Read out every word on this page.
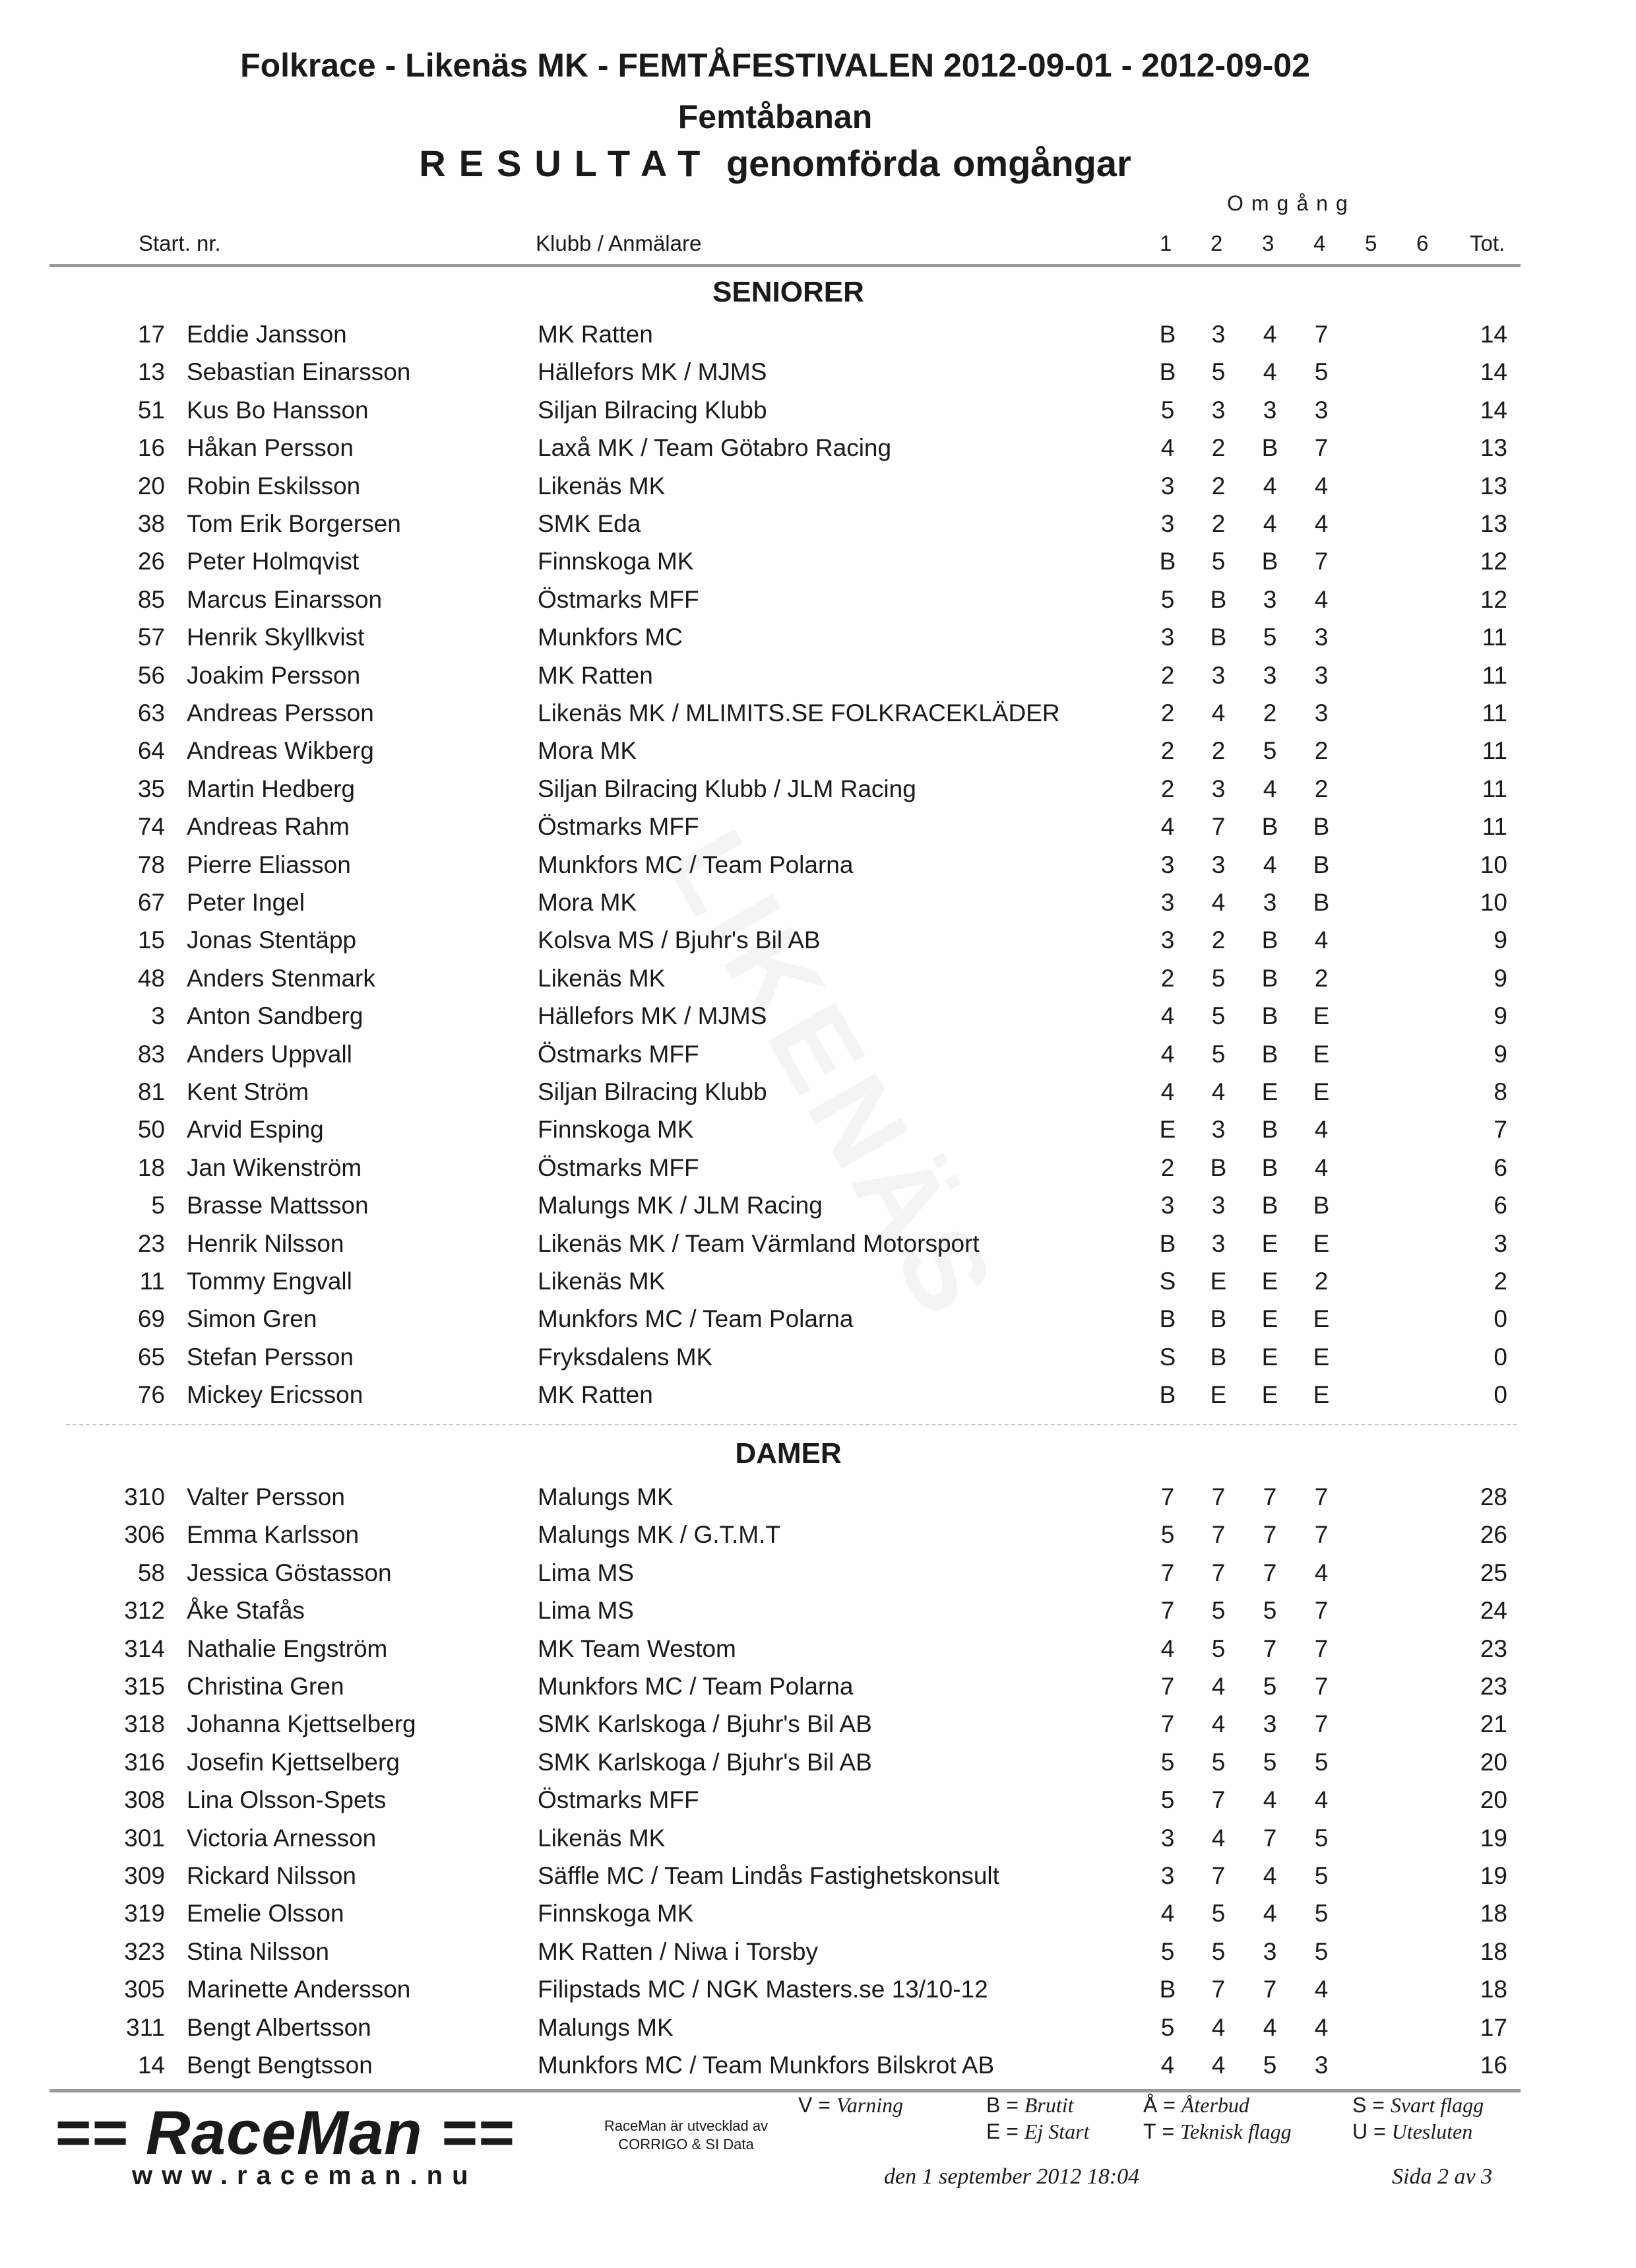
Folkrace - Likenäs MK - FEMTÅFESTIVALEN 2012-09-01 - 2012-09-02
Femtåbanan
RESULTAT genomförda omgångar
Omgång
Start. nr.	Klubb / Anmälare	1 2 3 4 5 6 Tot.
SENIORER
17 Eddie Jansson	MK Ratten	B 3 4 7	14
13 Sebastian Einarsson	Hällefors MK / MJMS	B 5 4 5	14
51 Kus Bo Hansson	Siljan Bilracing Klubb	5 3 3 3	14
16 Håkan Persson	Laxå MK / Team Götabro Racing	4 2 B 7	13
20 Robin Eskilsson	Likenäs MK	3 2 4 4	13
38 Tom Erik Borgersen	SMK Eda	3 2 4 4	13
26 Peter Holmqvist	Finnskoga MK	B 5 B 7	12
85 Marcus Einarsson	Östmarks MFF	5 B 3 4	12
57 Henrik Skyllkvist	Munkfors MC	3 B 5 3	11
56 Joakim Persson	MK Ratten	2 3 3 3	11
63 Andreas Persson	Likenäs MK / MLIMITS.SE FOLKRACEKLÄDER	2 4 2 3	11
64 Andreas Wikberg	Mora MK	2 2 5 2	11
35 Martin Hedberg	Siljan Bilracing Klubb / JLM Racing	2 3 4 2	11
74 Andreas Rahm	Östmarks MFF	4 7 B B	11
78 Pierre Eliasson	Munkfors MC / Team Polarna	3 3 4 B	10
67 Peter Ingel	Mora MK	3 4 3 B	10
15 Jonas Stentäpp	Kolsva MS / Bjuhr's Bil AB	3 2 B 4	9
48 Anders Stenmark	Likenäs MK	2 5 B 2	9
3 Anton Sandberg	Hällefors MK / MJMS	4 5 B E	9
83 Anders Uppvall	Östmarks MFF	4 5 B E	9
81 Kent Ström	Siljan Bilracing Klubb	4 4 E E	8
50 Arvid Esping	Finnskoga MK	E 3 B 4	7
18 Jan Wikenström	Östmarks MFF	2 B B 4	6
5 Brasse Mattsson	Malungs MK / JLM Racing	3 3 B B	6
23 Henrik Nilsson	Likenäs MK / Team Värmland Motorsport	B 3 E E	3
11 Tommy Engvall	Likenäs MK	S E E 2	2
69 Simon Gren	Munkfors MC / Team Polarna	B B E E	0
65 Stefan Persson	Fryksdalens MK	S B E E	0
76 Mickey Ericsson	MK Ratten	B E E E	0
DAMER
310 Valter Persson	Malungs MK	7 7 7 7	28
306 Emma Karlsson	Malungs MK / G.T.M.T	5 7 7 7	26
58 Jessica Göstasson	Lima MS	7 7 7 4	25
312 Åke Stafås	Lima MS	7 5 5 7	24
314 Nathalie Engström	MK Team Westom	4 5 7 7	23
315 Christina Gren	Munkfors MC / Team Polarna	7 4 5 7	23
318 Johanna Kjettselberg	SMK Karlskoga / Bjuhr's Bil AB	7 4 3 7	21
316 Josefin Kjettselberg	SMK Karlskoga / Bjuhr's Bil AB	5 5 5 5	20
308 Lina Olsson-Spets	Östmarks MFF	5 7 4 4	20
301 Victoria Arnesson	Likenäs MK	3 4 7 5	19
309 Rickard Nilsson	Säffle MC / Team Lindås Fastighetskonsult	3 7 4 5	19
319 Emelie Olsson	Finnskoga MK	4 5 4 5	18
323 Stina Nilsson	MK Ratten / Niwa i Torsby	5 5 3 5	18
305 Marinette Andersson	Filipstads MC / NGK Masters.se 13/10-12	B 7 7 4	18
311 Bengt Albertsson	Malungs MK	5 4 4 4	17
14 Bengt Bengtsson	Munkfors MC / Team Munkfors Bilskrot AB	4 4 5 3	16
== RaceMan ==
www.raceman.nu
RaceMan är utvecklad av
CORRIGO & SI Data
V = Varning	B = Brutit
E = Ej Start
Å = Återbud
T = Teknisk flagg
S = Svart flagg
U = Utesluten
den 1 september 2012 18:04	Sida 2 av 3
